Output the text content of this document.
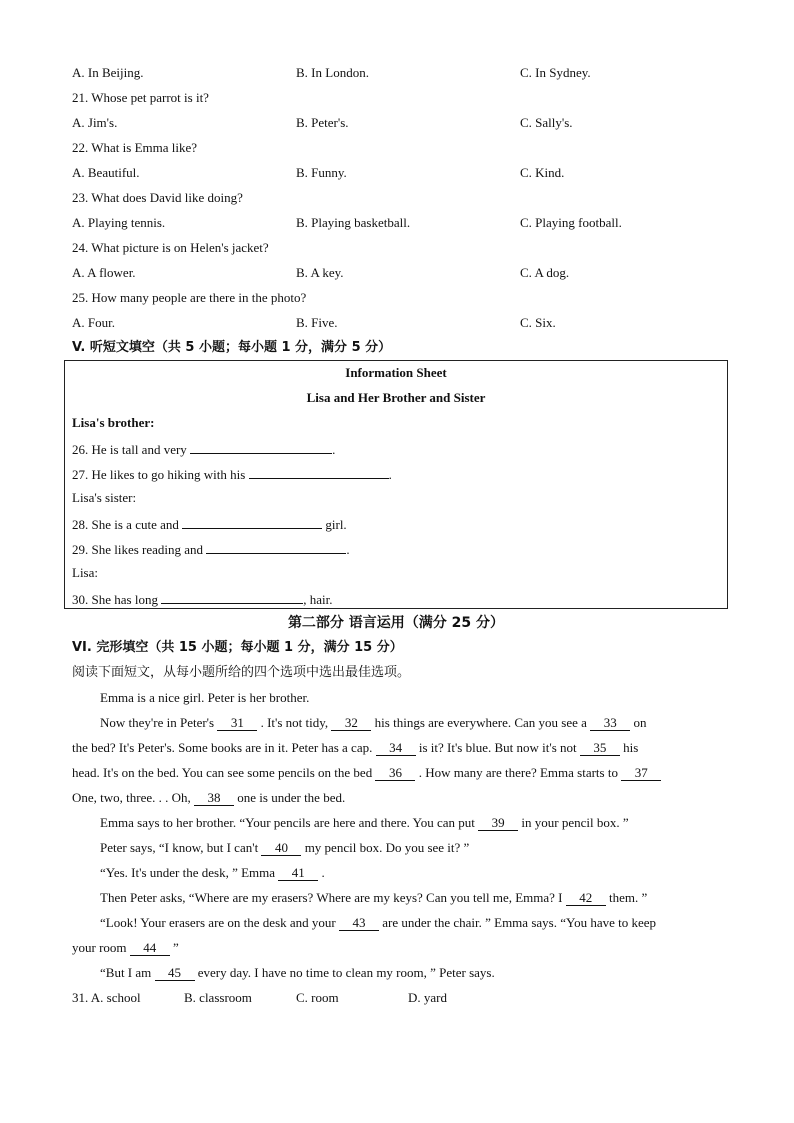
A. In Beijing.	B. In London.	C. In Sydney.
21. Whose pet parrot is it?
A. Jim's.	B. Peter's.	C. Sally's.
22. What is Emma like?
A. Beautiful.	B. Funny.	C. Kind.
23. What does David like doing?
A. Playing tennis.	B. Playing basketball.	C. Playing football.
24. What picture is on Helen's jacket?
A. A flower.	B. A key.	C. A dog.
25. How many people are there in the photo?
A. Four.	B. Five.	C. Six.
V. 听短文填空（共 5 小题；每小题 1 分，满分 5 分）
Information Sheet
Lisa and Her Brother and Sister
Lisa's brother:
26. He is tall and very	.
27. He likes to go hiking with his	.
Lisa's sister:
28. She is a cute and	girl.
29. She likes reading and	.
Lisa:
30. She has long	, hair.
第二部分 语言运用（满分 25 分）
VI. 完形填空（共 15 小题；每小题 1 分，满分 15 分）
阅读下面短文，从每小题所给的四个选项中选出最佳选项。
Emma is a nice girl. Peter is her brother.
Now they're in Peter's 31 . It's not tidy, 32 his things are everywhere. Can you see a 33 on
the bed? It's Peter's. Some books are in it. Peter has a cap. 34 is it? It's blue. But now it's not 35 his
head. It's on the bed. You can see some pencils on the bed 36 . How many are there? Emma starts to 37
One, two, three. . . Oh, 38 one is under the bed.
Emma says to her brother. “Your pencils are here and there. You can put 39 in your pencil box. ”
Peter says, “I know, but I can't 40 my pencil box. Do you see it? ”
“Yes. It's under the desk, ” Emma 41 .
Then Peter asks, “Where are my erasers? Where are my keys? Can you tell me, Emma? I 42 them. ”
“Look! Your erasers are on the desk and your 43 are under the chair. ” Emma says. “You have to keep
your room 44 ”
“But I am 45 every day. I have no time to clean my room, ” Peter says.
31. A. school	B. classroom	C. room	D. yard
